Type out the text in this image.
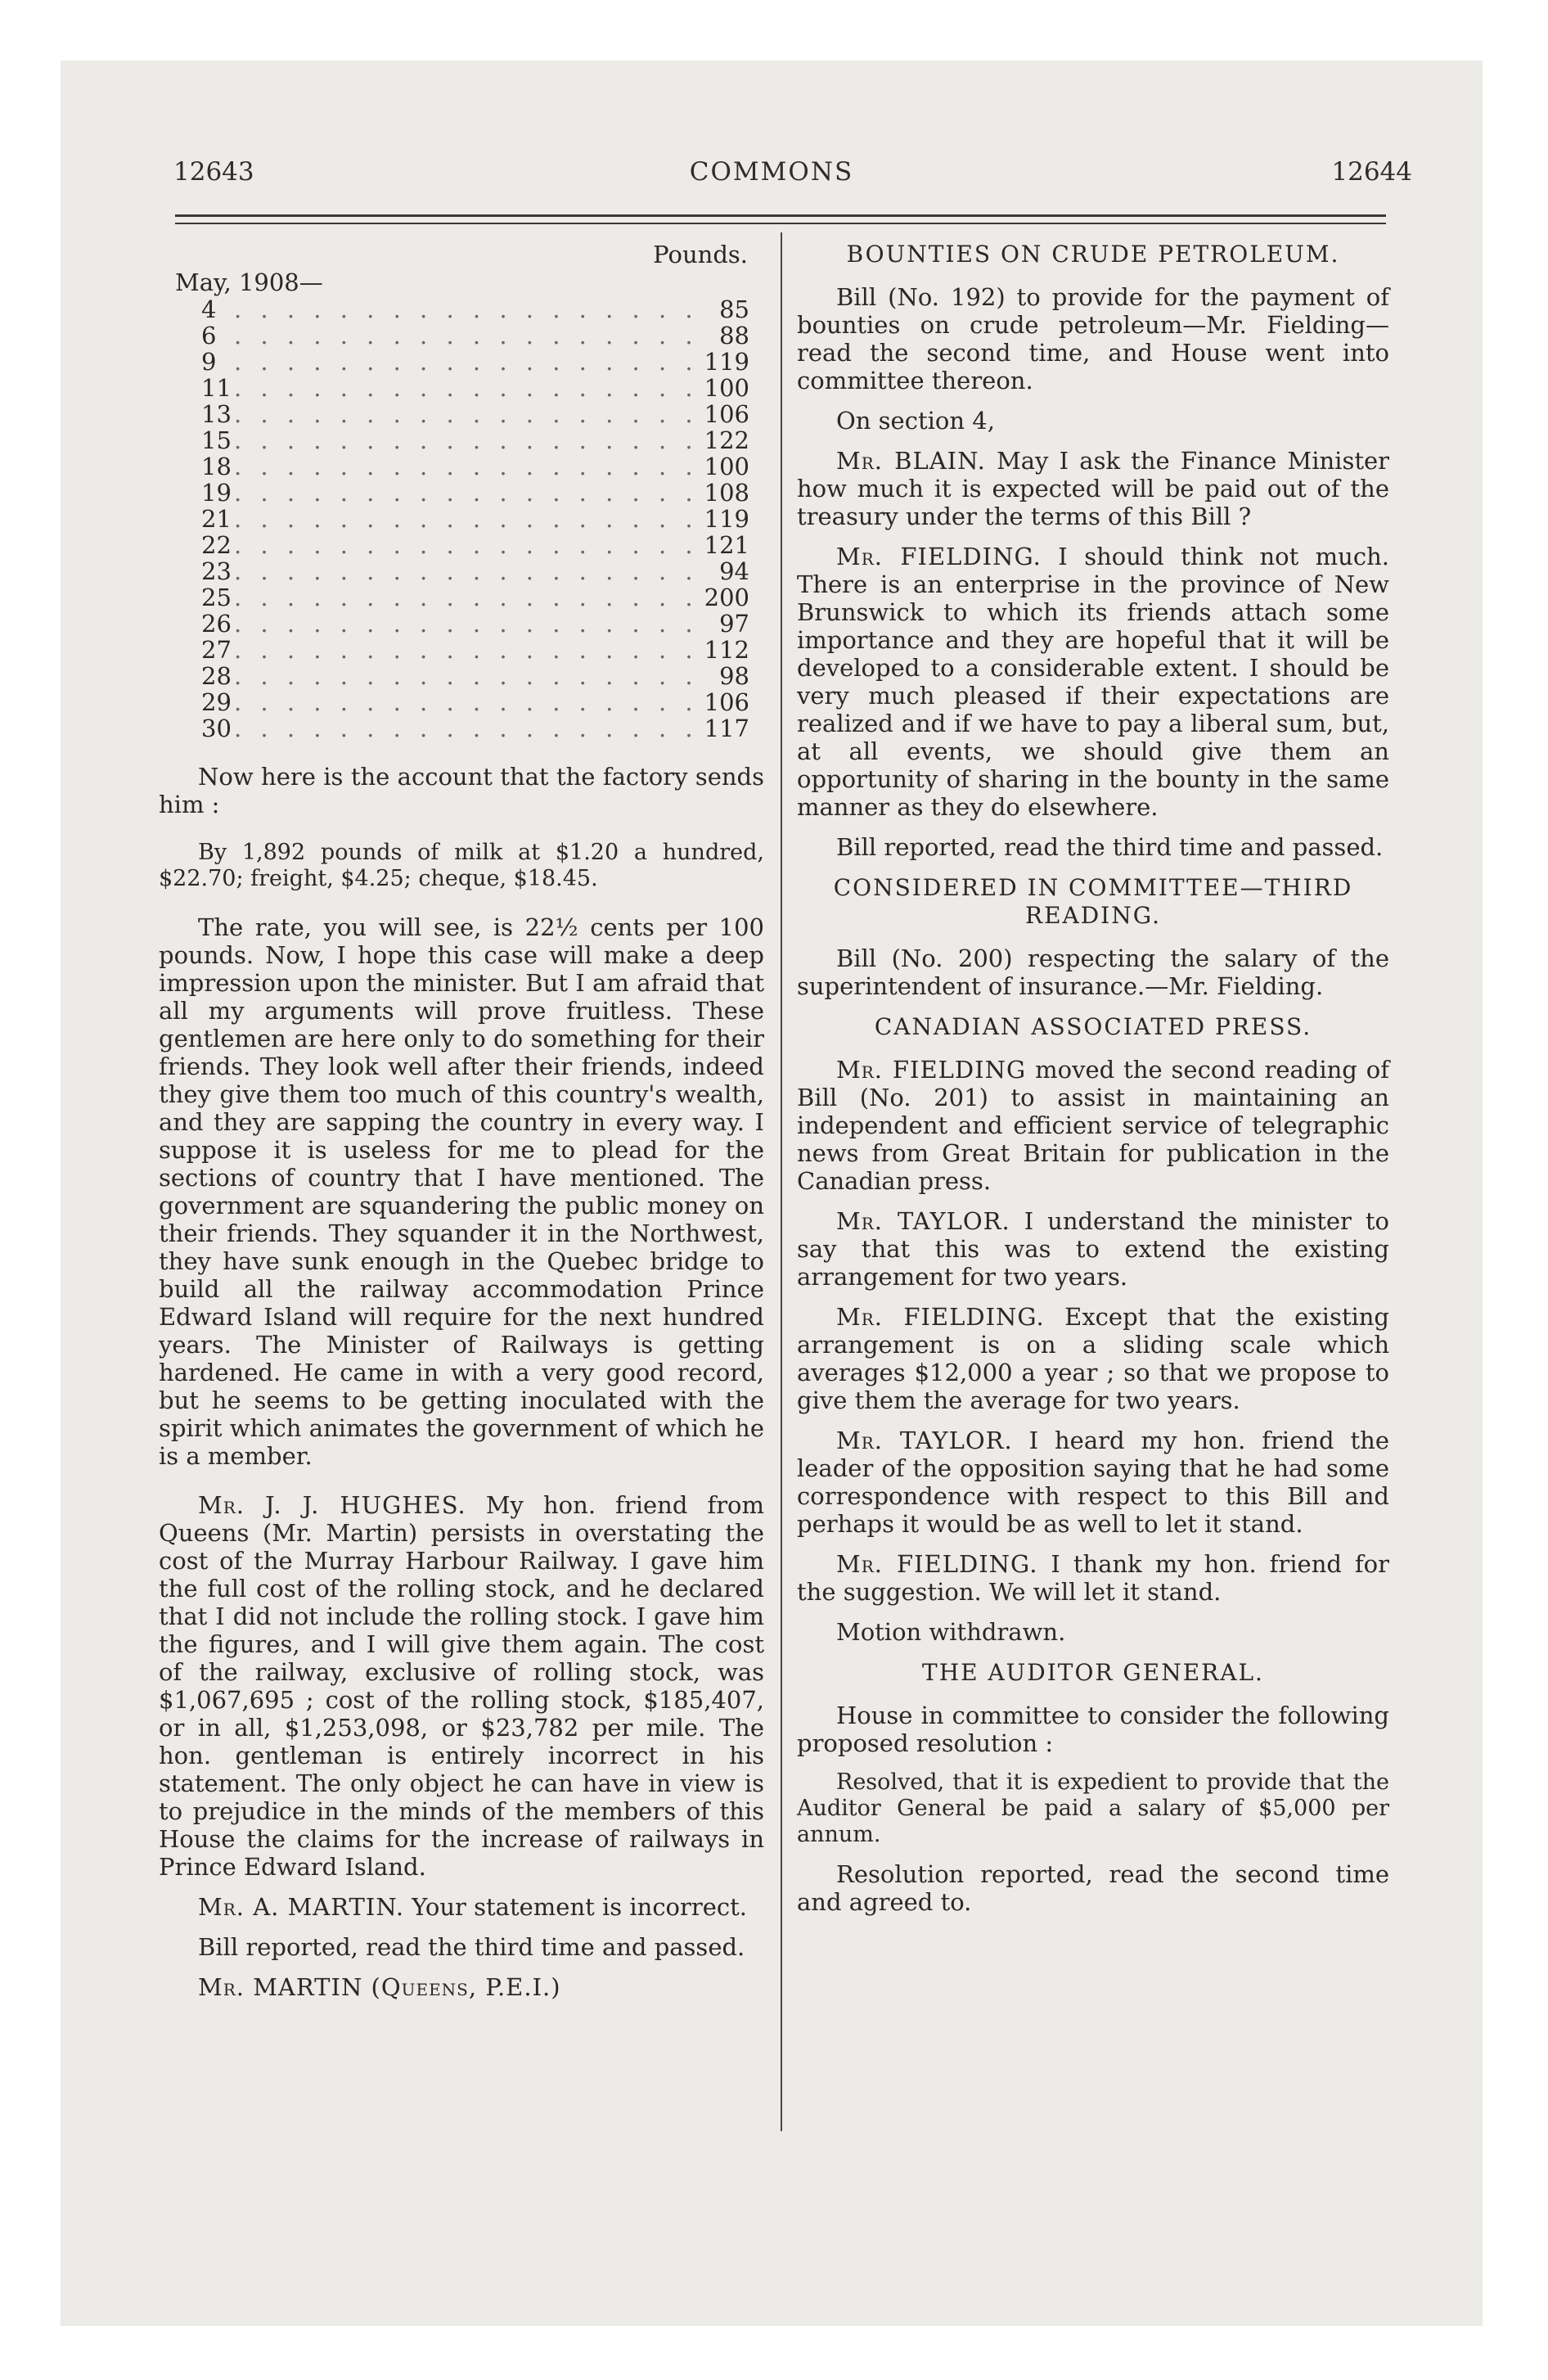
12643	COMMONS	12644
Pounds.
May, 1908—
4 . . .	85
6 . . .	88
9 . . .	119
11 . . .	100
13 . . .	106
15 . . .	122
18 . . .	100
19 . . .	108
21 . . .	119
22 . . .	121
23 . . .	94
25 . . .	200
26 . . .	97
27 . . .	112
28 . . .	98
29 . . .	106
30 . . .	117

Now here is the account that the factory sends him :

By 1,892 pounds of milk at $1.20 a hundred, $22.70; freight, $4.25; cheque, $18.45.

The rate, you will see, is 22½ cents per 100 pounds. Now, I hope this case will make a deep impression upon the minister. But I am afraid that all my arguments will prove fruitless. These gentlemen are here only to do something for their friends. They look well after their friends, indeed they give them too much of this country's wealth, and they are sapping the country in every way. I suppose it is useless for me to plead for the sections of country that I have mentioned. The government are squandering the public money on their friends. They squander it in the Northwest, they have sunk enough in the Quebec bridge to build all the railway accommodation Prince Edward Island will require for the next hundred years. The Minister of Railways is getting hardened. He came in with a very good record, but he seems to be getting inoculated with the spirit which animates the government of which he is a member.

Mr. J. J. HUGHES. My hon. friend from Queens (Mr. Martin) persists in overstating the cost of the Murray Harbour Railway. I gave him the full cost of the rolling stock, and he declared that I did not include the rolling stock. I gave him the figures, and I will give them again. The cost of the railway, exclusive of rolling stock, was $1,067,695 ; cost of the rolling stock, $185,407, or in all, $1,253,098, or $23,782 per mile. The hon. gentleman is entirely incorrect in his statement. The only object he can have in view is to prejudice in the minds of the members of this House the claims for the increase of railways in Prince Edward Island.

Mr. A. MARTIN. Your statement is incorrect.

Bill reported, read the third time and passed.

Mr. MARTIN (Queens, P.E.I.)

BOUNTIES ON CRUDE PETROLEUM.

Bill (No. 192) to provide for the payment of bounties on crude petroleum—Mr. Fielding—read the second time, and House went into committee thereon.

On section 4,

Mr. BLAIN. May I ask the Finance Minister how much it is expected will be paid out of the treasury under the terms of this Bill ?

Mr. FIELDING. I should think not much. There is an enterprise in the province of New Brunswick to which its friends attach some importance and they are hopeful that it will be developed to a considerable extent. I should be very much pleased if their expectations are realized and if we have to pay a liberal sum, but, at all events, we should give them an opportunity of sharing in the bounty in the same manner as they do elsewhere.

Bill reported, read the third time and passed.

CONSIDERED IN COMMITTEE—THIRD READING.

Bill (No. 200) respecting the salary of the superintendent of insurance.—Mr. Fielding.

CANADIAN ASSOCIATED PRESS.

Mr. FIELDING moved the second reading of Bill (No. 201) to assist in maintaining an independent and efficient service of telegraphic news from Great Britain for publication in the Canadian press.

Mr. TAYLOR. I understand the minister to say that this was to extend the existing arrangement for two years.

Mr. FIELDING. Except that the existing arrangement is on a sliding scale which averages $12,000 a year ; so that we propose to give them the average for two years.

Mr. TAYLOR. I heard my hon. friend the leader of the opposition saying that he had some correspondence with respect to this Bill and perhaps it would be as well to let it stand.

Mr. FIELDING. I thank my hon. friend for the suggestion. We will let it stand.

Motion withdrawn.

THE AUDITOR GENERAL.

House in committee to consider the following proposed resolution :

Resolved, that it is expedient to provide that the Auditor General be paid a salary of $5,000 per annum.

Resolution reported, read the second time and agreed to.
